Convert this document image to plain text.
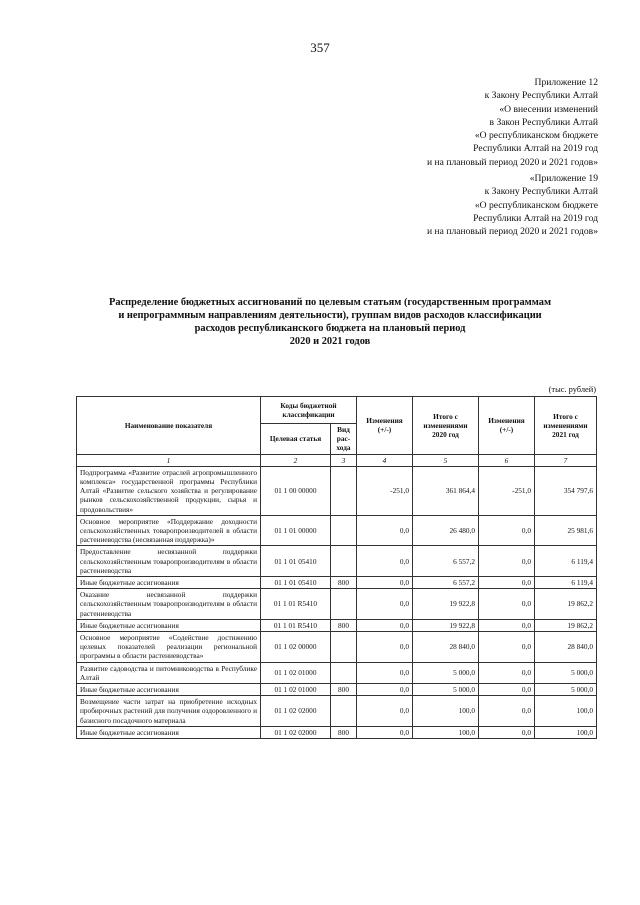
357
Приложение 12
к Закону Республики Алтай
«О внесении изменений
в Закон Республики Алтай
«О республиканском бюджете
Республики Алтай на 2019 год
и на плановый период 2020 и 2021 годов»
«Приложение 19
к Закону Республики Алтай
«О республиканском бюджете
Республики Алтай на 2019 год
и на плановый период 2020 и 2021 годов»
Распределение бюджетных ассигнований по целевым статьям (государственным программам
и непрограммным направлениям деятельности), группам видов расходов классификации
расходов республиканского бюджета на плановый период
2020 и 2021 годов
(тыс. рублей)
Наименование показателя	Коды бюджетной классификации		Изменения (+/-)	Итого с изменениями 2020 год	Изменения (+/-)	Итого с изменениями 2021 год
	Целевая статья	Вид рас-хода				
1	2	3	4	5	6	7
Подпрограмма «Развитие отраслей агропромышленного комплекса» государственной программы Республики Алтай «Развитие сельского хозяйства и регулирование рынков сельскохозяйственной продукции, сырья и продовольствия»	01 1 00 00000		-251,0	361 864,4	-251,0	354 797,6
Основное мероприятие «Поддержание доходности сельскохозяйственных товаропроизводителей в области растениеводства (несвязанная поддержка)»	01 1 01 00000		0,0	26 480,0	0,0	25 981,6
Предоставление несвязанной поддержки сельскохозяйственным товаропроизводителям в области растениеводства	01 1 01 05410		0,0	6 557,2	0,0	6 119,4
Иные бюджетные ассигнования	01 1 01 05410	800	0,0	6 557,2	0,0	6 119,4
Оказание несвязанной поддержки сельскохозяйственным товаропроизводителям в области растениеводства	01 1 01 R5410		0,0	19 922,8	0,0	19 862,2
Иные бюджетные ассигнования	01 1 01 R5410	800	0,0	19 922,8	0,0	19 862,2
Основное мероприятие «Содействие достижению целевых показателей реализации региональной программы в области растениеводства»	01 1 02 00000		0,0	28 840,0	0,0	28 840,0
Развитие садоводства и питомниководства в Республике Алтай	01 1 02 01000		0,0	5 000,0	0,0	5 000,0
Иные бюджетные ассигнования	01 1 02 01000	800	0,0	5 000,0	0,0	5 000,0
Возмещение части затрат на приобретение исходных пробирочных растений для получения оздоровленного и базисного посадочного материала	01 1 02 02000		0,0	100,0	0,0	100,0
Иные бюджетные ассигнования	01 1 02 02000	800	0,0	100,0	0,0	100,0
